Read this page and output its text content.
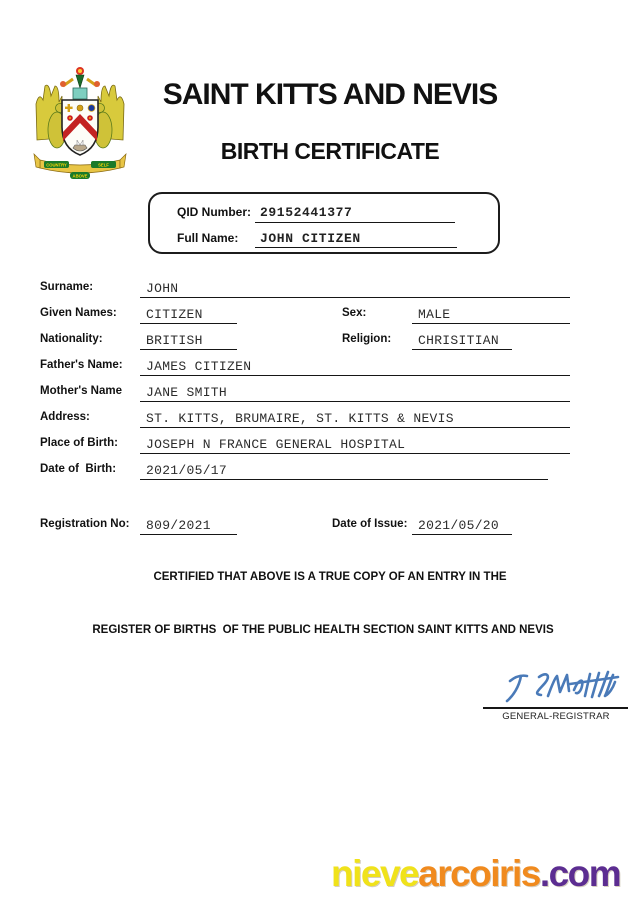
COUNTRY	SELF
ABOVE
SAINT KITTS AND NEVIS
BIRTH CERTIFICATE
QID Number: 29152441377
Full Name: JOHN CITIZEN
Surname:	JOHN
Given Names: CITIZEN	Sex:	MALE
Nationality:	BRITISH	Religion: CHRISITIAN
Father's Name: JAMES CITIZEN
Mother's Name JANE SMITH
Address:	ST. KITTS, BRUMAIRE, ST. KITTS & NEVIS
Place of Birth: JOSEPH N FRANCE GENERAL HOSPITAL
Date of  Birth: 2021/05/17
Registration No: 809/2021	Date of Issue: 2021/05/20
CERTIFIED THAT ABOVE IS A TRUE COPY OF AN ENTRY IN THE
REGISTER OF BIRTHS  OF THE PUBLIC HEALTH SECTION SAINT KITTS AND NEVIS
GENERAL-REGISTRAR
nievearcoiris.com
